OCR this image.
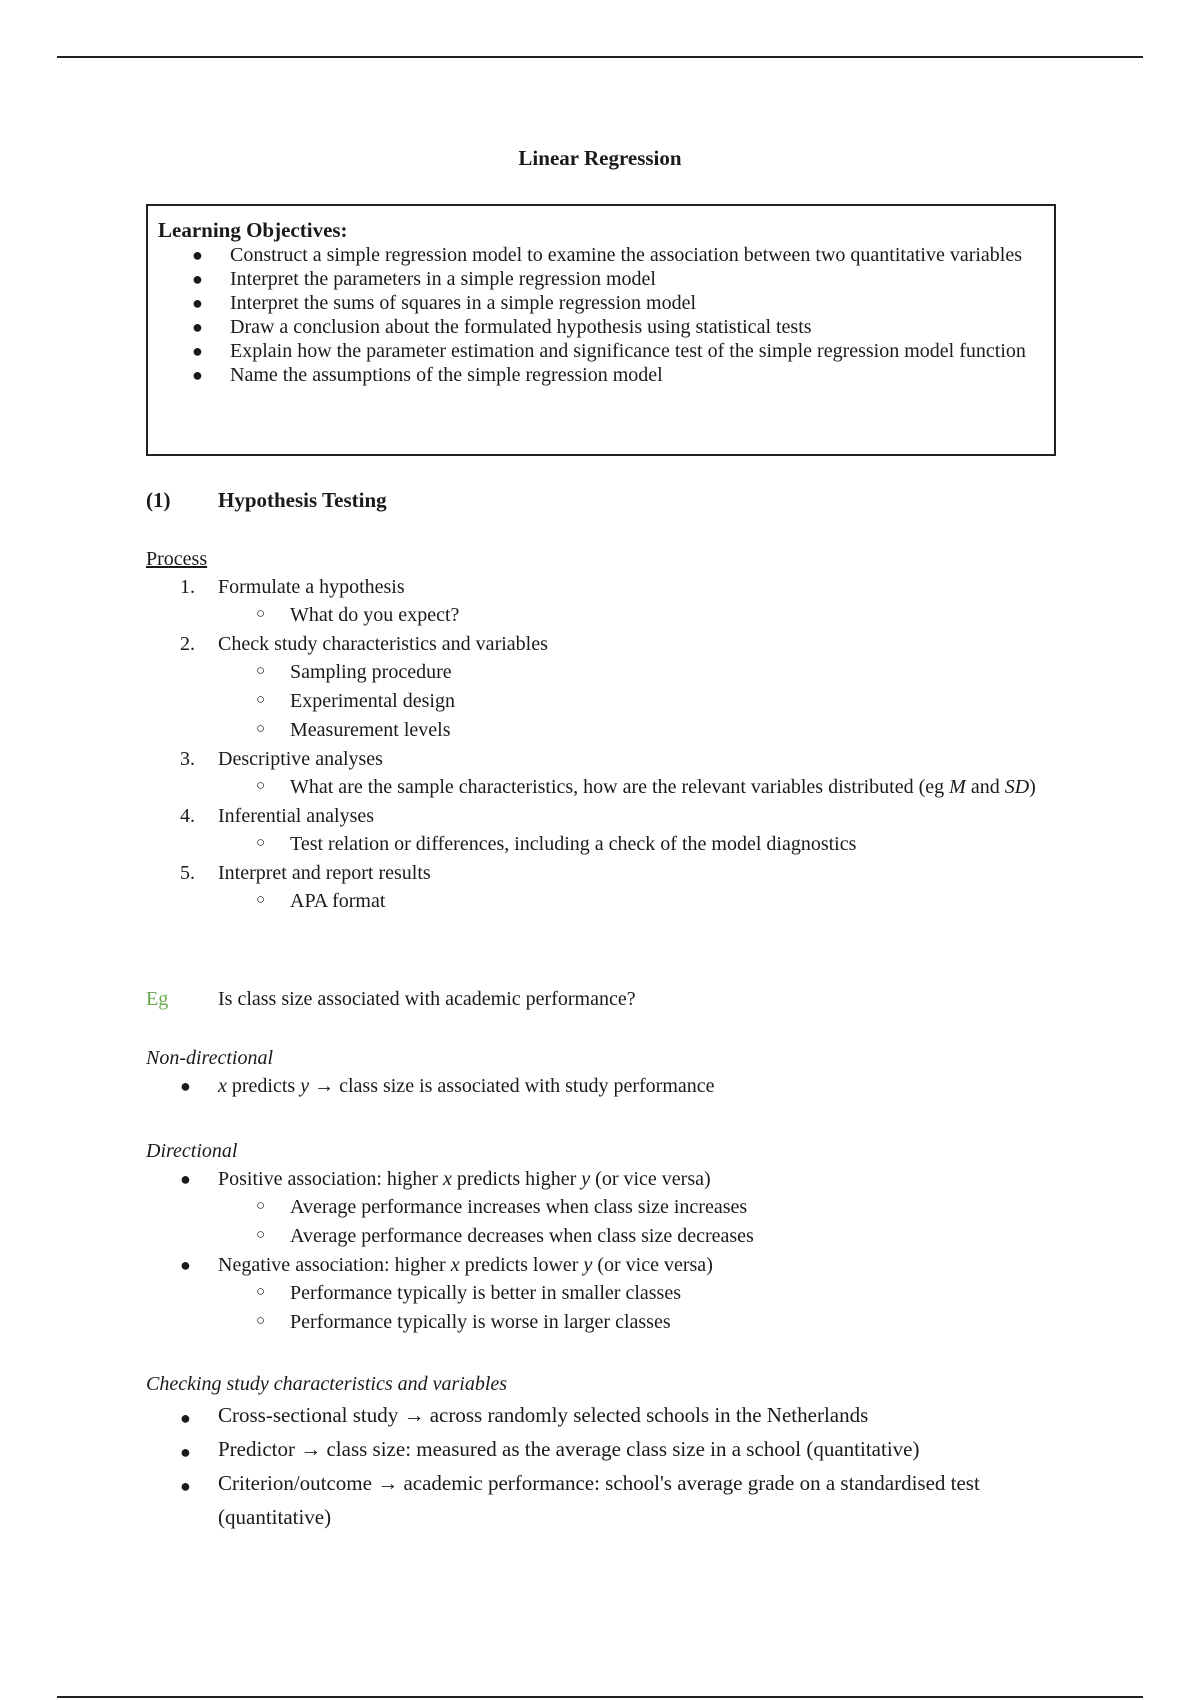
Linear Regression
Learning Objectives:
● Construct a simple regression model to examine the association between two quantitative variables
● Interpret the parameters in a simple regression model
● Interpret the sums of squares in a simple regression model
● Draw a conclusion about the formulated hypothesis using statistical tests
● Explain how the parameter estimation and significance test of the simple regression model function
● Name the assumptions of the simple regression model
(1) Hypothesis Testing
Process
1. Formulate a hypothesis
○ What do you expect?
2. Check study characteristics and variables
○ Sampling procedure
○ Experimental design
○ Measurement levels
3. Descriptive analyses
○ What are the sample characteristics, how are the relevant variables distributed (eg M and SD)
4. Inferential analyses
○ Test relation or differences, including a check of the model diagnostics
5. Interpret and report results
○ APA format
Eg Is class size associated with academic performance?
Non-directional
● x predicts y → class size is associated with study performance
Directional
● Positive association: higher x predicts higher y (or vice versa)
○ Average performance increases when class size increases
○ Average performance decreases when class size decreases
● Negative association: higher x predicts lower y (or vice versa)
○ Performance typically is better in smaller classes
○ Performance typically is worse in larger classes
Checking study characteristics and variables
● Cross-sectional study → across randomly selected schools in the Netherlands
● Predictor → class size: measured as the average class size in a school (quantitative)
● Criterion/outcome → academic performance: school's average grade on a standardised test (quantitative)
